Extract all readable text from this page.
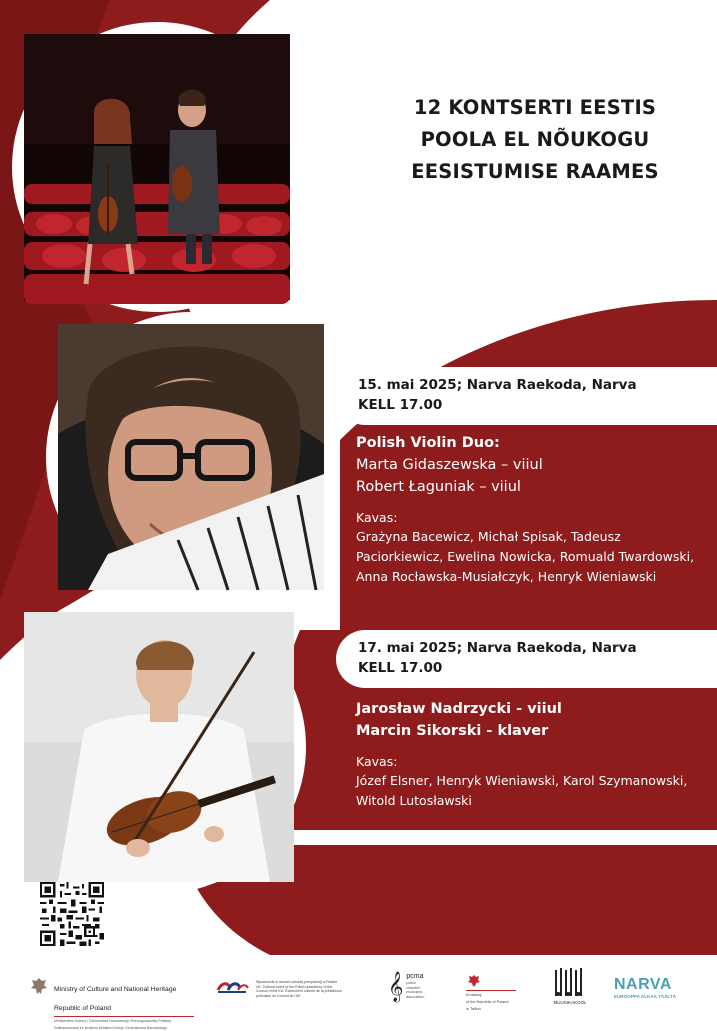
12 KONTSERTI EESTIS
POOLA EL NÕUKOGU
EESISTUMISE RAAMES
15. mai 2025; Narva Raekoda, Narva
KELL 17.00
Polish Violin Duo:
Marta Gidaszewska – viiul
Robert Łaguniak – viiul
Kavas:
Grażyna Bacewicz, Michał Spisak, Tadeusz Paciorkiewicz, Ewelina Nowicka, Romuald Twardowski, Anna Rocławska-Musiałczyk, Henryk Wieniawski
17. mai 2025; Narva Raekoda, Narva
KELL 17.00
Jarosław Nadrzycki - viiul
Marcin Sikorski - klaver
Kavas:
Józef Elsner, Henryk Wieniawski, Karol Szymanowski, Witold Lutosławski
Ministry of Culture and National Heritage
Republic of Poland
Ministerstwo Kultury i Dziedzictwa Narodowego Rzeczypospolitej Polskiej
Dofinansowano ze środków Ministra Kultury i Dziedzictwa Narodowego
Wydarzenie w ramach polskiej prezydencji w Radzie UE. Cultural event of the Polish presidency of the Council of the EU. Événement culturel de la présidence polonaise du Conseil de l'UE	𝄞 pcma
polish
chamber
musicians
association	Embassy
of the Republic of Poland
in Tallinn
MUUSIKAKOOL
NARVA
EUROOPPA ALKAA TÄÄLTÄ
